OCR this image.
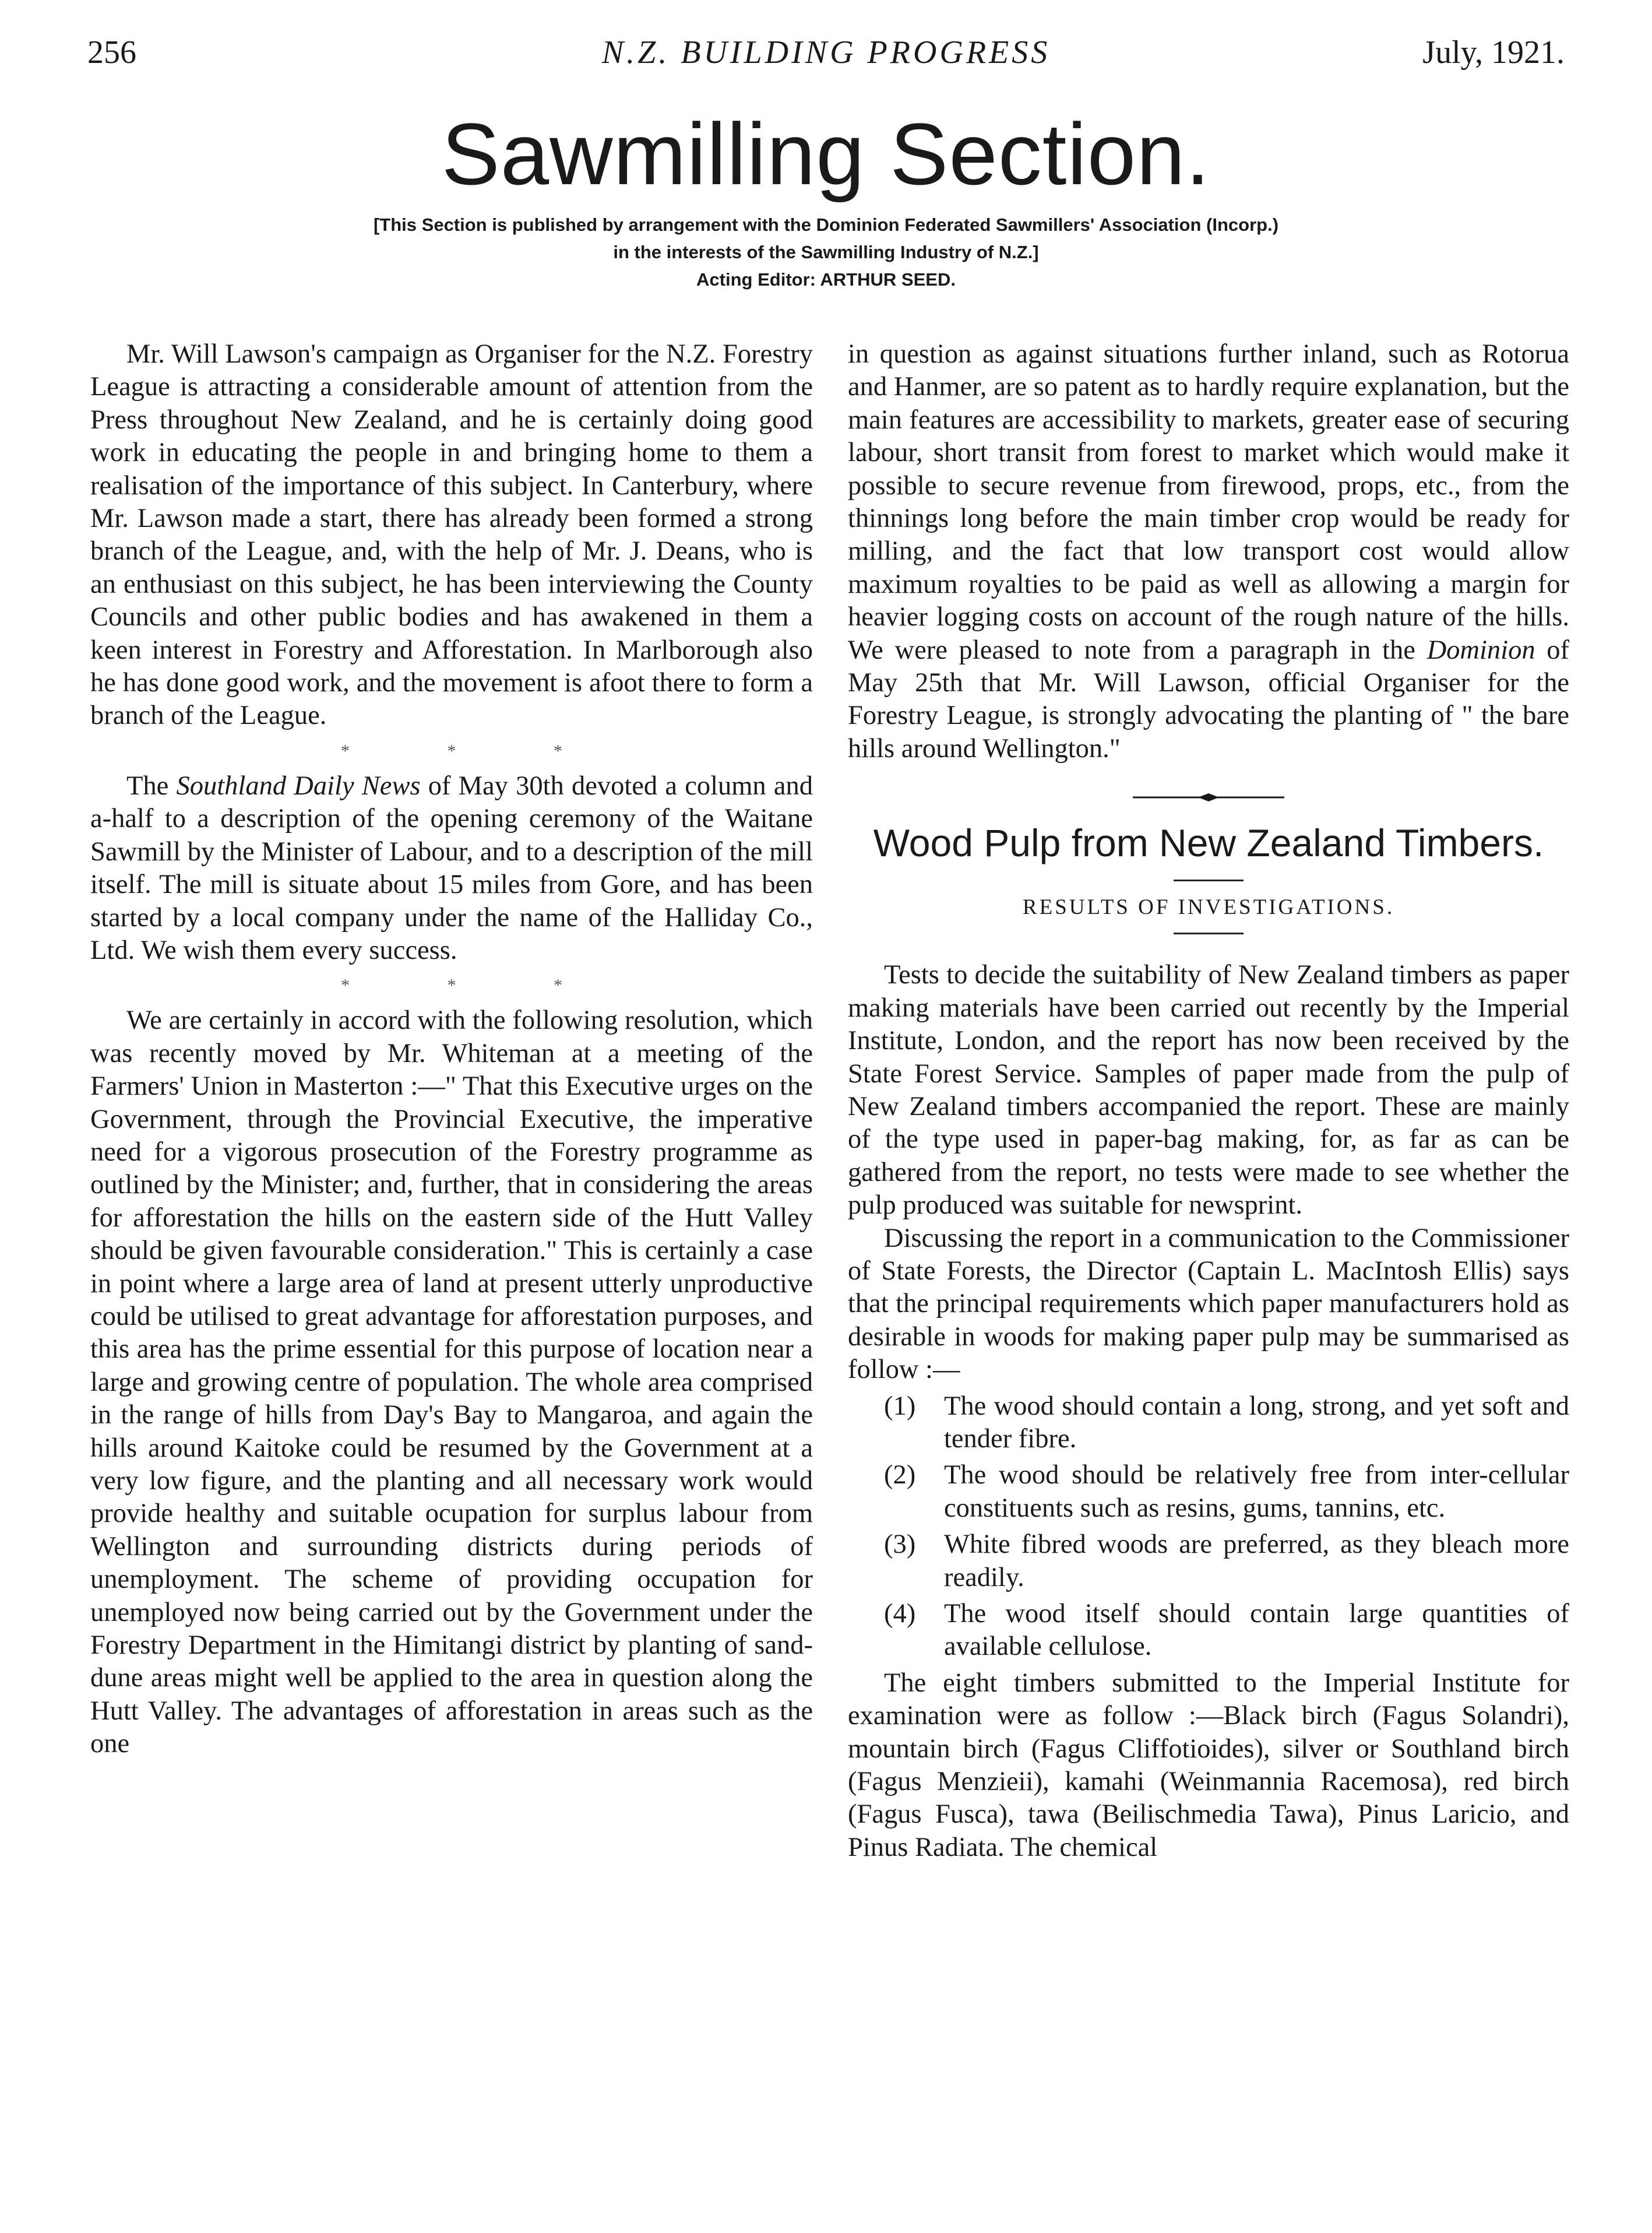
256	N.Z. BUILDING PROGRESS	July, 1921.
Sawmilling Section.
[This Section is published by arrangement with the Dominion Federated Sawmillers' Association (Incorp.)
in the interests of the Sawmilling Industry of N.Z.]
Acting Editor: ARTHUR SEED.

Mr. Will Lawson's campaign as Organiser for the N.Z. Forestry League is attracting a considerable amount of attention from the Press throughout New Zealand, and he is certainly doing good work in educating the people in and bringing home to them a realisation of the importance of this subject. In Canterbury, where Mr. Lawson made a start, there has already been formed a strong branch of the League, and, with the help of Mr. J. Deans, who is an enthusiast on this subject, he has been interviewing the County Councils and other public bodies and has awakened in them a keen interest in Forestry and Afforestation. In Marlborough also he has done good work, and the movement is afoot there to form a branch of the League.

* * *

The Southland Daily News of May 30th devoted a column and a-half to a description of the opening ceremony of the Waitane Sawmill by the Minister of Labour, and to a description of the mill itself. The mill is situate about 15 miles from Gore, and has been started by a local company under the name of the Halliday Co., Ltd. We wish them every success.

* * *

We are certainly in accord with the following resolution, which was recently moved by Mr. Whiteman at a meeting of the Farmers' Union in Masterton :—" That this Executive urges on the Government, through the Provincial Executive, the imperative need for a vigorous prosecution of the Forestry programme as outlined by the Minister; and, further, that in considering the areas for afforestation the hills on the eastern side of the Hutt Valley should be given favourable consideration." This is certainly a case in point where a large area of land at present utterly unproductive could be utilised to great advantage for afforestation purposes, and this area has the prime essential for this purpose of location near a large and growing centre of population. The whole area comprised in the range of hills from Day's Bay to Mangaroa, and again the hills around Kaitoke could be resumed by the Government at a very low figure, and the planting and all necessary work would provide healthy and suitable ocupation for surplus labour from Wellington and surrounding districts during periods of unemployment. The scheme of providing occupation for unemployed now being carried out by the Government under the Forestry Department in the Himitangi district by planting of sand-dune areas might well be applied to the area in question along the Hutt Valley. The advantages of afforestation in areas such as the one

in question as against situations further inland, such as Rotorua and Hanmer, are so patent as to hardly require explanation, but the main features are accessibility to markets, greater ease of securing labour, short transit from forest to market which would make it possible to secure revenue from firewood, props, etc., from the thinnings long before the main timber crop would be ready for milling, and the fact that low transport cost would allow maximum royalties to be paid as well as allowing a margin for heavier logging costs on account of the rough nature of the hills. We were pleased to note from a paragraph in the Dominion of May 25th that Mr. Will Lawson, official Organiser for the Forestry League, is strongly advocating the planting of " the bare hills around Wellington."

Wood Pulp from New Zealand Timbers.
RESULTS OF INVESTIGATIONS.

Tests to decide the suitability of New Zealand timbers as paper making materials have been carried out recently by the Imperial Institute, London, and the report has now been received by the State Forest Service. Samples of paper made from the pulp of New Zealand timbers accompanied the report. These are mainly of the type used in paper-bag making, for, as far as can be gathered from the report, no tests were made to see whether the pulp produced was suitable for newsprint.

Discussing the report in a communication to the Commissioner of State Forests, the Director (Captain L. MacIntosh Ellis) says that the principal requirements which paper manufacturers hold as desirable in woods for making paper pulp may be summarised as follow :—

(1) The wood should contain a long, strong, and yet soft and tender fibre.
(2) The wood should be relatively free from inter-cellular constituents such as resins, gums, tannins, etc.
(3) White fibred woods are preferred, as they bleach more readily.
(4) The wood itself should contain large quantities of available cellulose.

The eight timbers submitted to the Imperial Institute for examination were as follow :—Black birch (Fagus Solandri), mountain birch (Fagus Cliffotioides), silver or Southland birch (Fagus Menzieii), kamahi (Weinmannia Racemosa), red birch (Fagus Fusca), tawa (Beilischmedia Tawa), Pinus Laricio, and Pinus Radiata. The chemical
